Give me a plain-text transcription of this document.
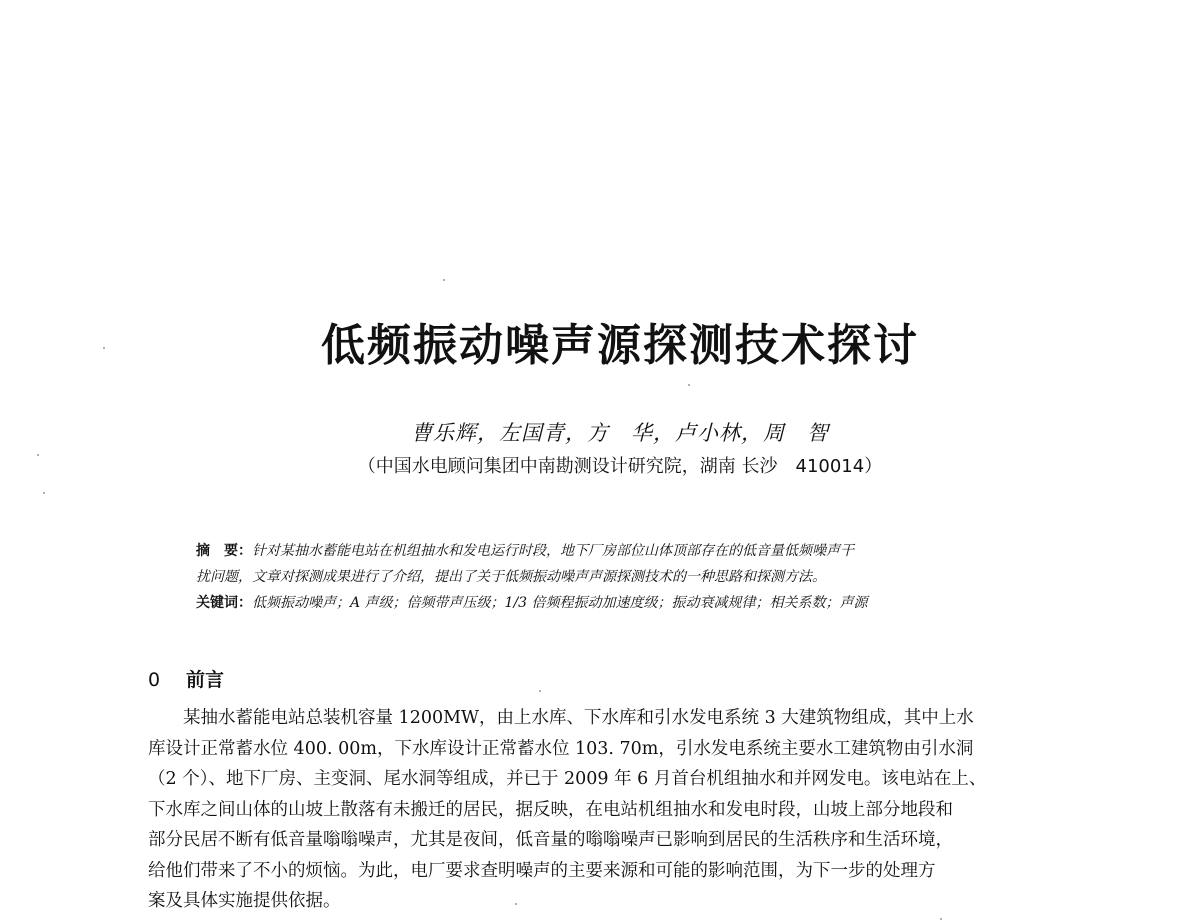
低频振动噪声源探测技术探讨
曹乐辉，左国青，方　华，卢小林，周　智
（中国水电顾问集团中南勘测设计研究院，湖南 长沙　410014）
摘　要：针对某抽水蓄能电站在机组抽水和发电运行时段，地下厂房部位山体顶部存在的低音量低频噪声干
扰问题，文章对探测成果进行了介绍，提出了关于低频振动噪声声源探测技术的一种思路和探测方法。
关键词：低频振动噪声；A 声级；倍频带声压级；1/3 倍频程振动加速度级；振动衰减规律；相关系数；声源
0 前言
某抽水蓄能电站总装机容量 1200MW，由上水库、下水库和引水发电系统 3 大建筑物组成，其中上水
库设计正常蓄水位 400. 00m，下水库设计正常蓄水位 103. 70m，引水发电系统主要水工建筑物由引水洞
（2 个）、地下厂房、主变洞、尾水洞等组成，并已于 2009 年 6 月首台机组抽水和并网发电。该电站在上、
下水库之间山体的山坡上散落有未搬迁的居民，据反映，在电站机组抽水和发电时段，山坡上部分地段和
部分民居不断有低音量嗡嗡噪声，尤其是夜间，低音量的嗡嗡噪声已影响到居民的生活秩序和生活环境，
给他们带来了不小的烦恼。为此，电厂要求查明噪声的主要来源和可能的影响范围，为下一步的处理方
案及具体实施提供依据。
